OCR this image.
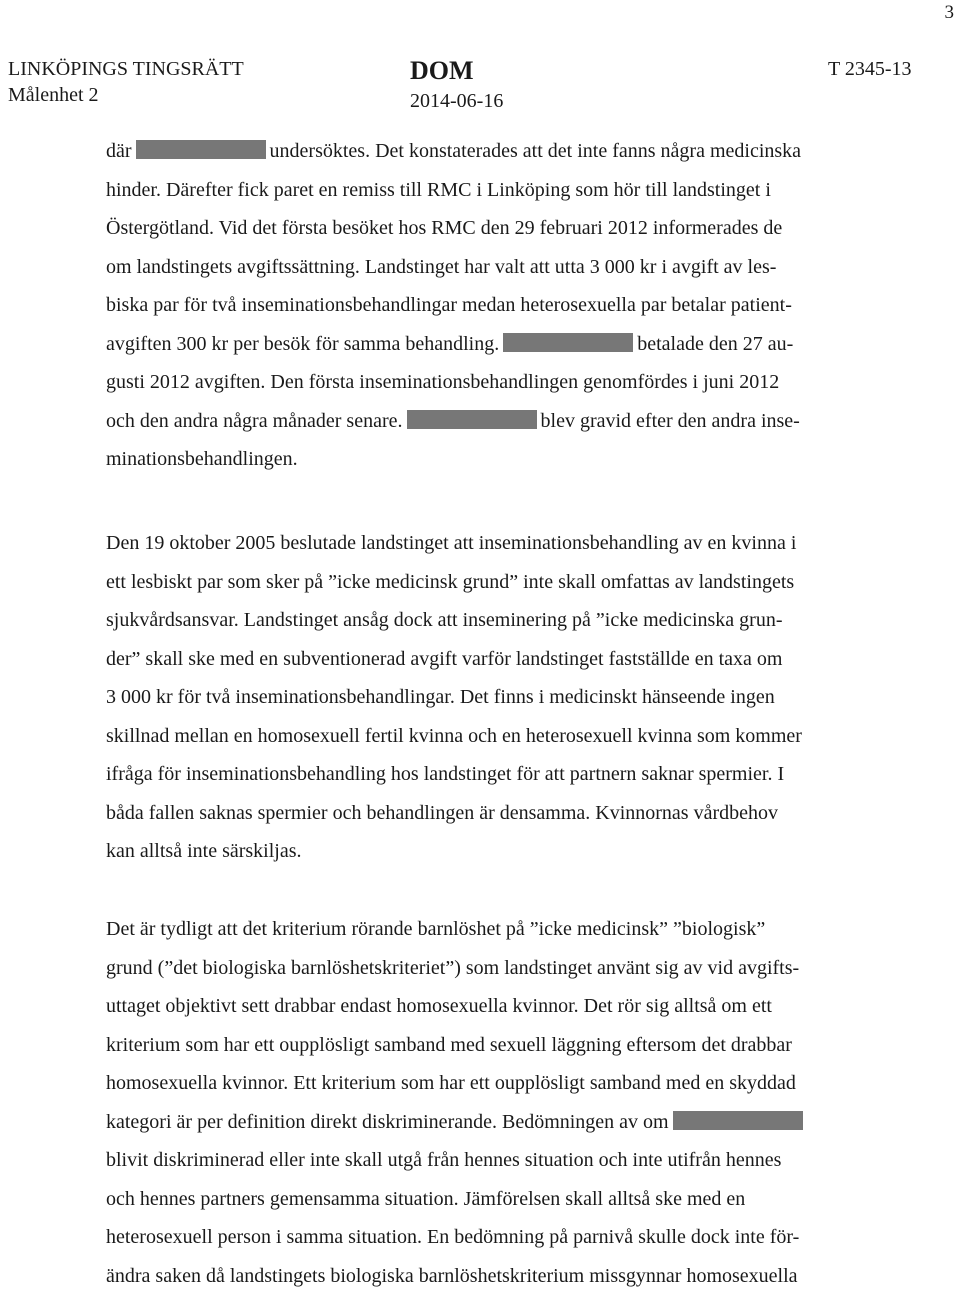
3
LINKÖPINGS TINGSRÄTT
Målenhet 2
DOM
2014-06-16
T 2345-13
där	undersöktes. Det konstaterades att det inte fanns några medicinska
hinder. Därefter fick paret en remiss till RMC i Linköping som hör till landstinget i
Östergötland. Vid det första besöket hos RMC den 29 februari 2012 informerades de
om landstingets avgiftssättning. Landstinget har valt att utta 3 000 kr i avgift av les-
biska par för två inseminationsbehandlingar medan heterosexuella par betalar patient-
avgiften 300 kr per besök för samma behandling.	betalade den 27 au-
gusti 2012 avgiften. Den första inseminationsbehandlingen genomfördes i juni 2012
och den andra några månader senare.	blev gravid efter den andra inse-
minationsbehandlingen.
Den 19 oktober 2005 beslutade landstinget att inseminationsbehandling av en kvinna i
ett lesbiskt par som sker på ”icke medicinsk grund” inte skall omfattas av landstingets
sjukvårdsansvar. Landstinget ansåg dock att inseminering på ”icke medicinska grun-
der” skall ske med en subventionerad avgift varför landstinget fastställde en taxa om
3 000 kr för två inseminationsbehandlingar. Det finns i medicinskt hänseende ingen
skillnad mellan en homosexuell fertil kvinna och en heterosexuell kvinna som kommer
ifråga för inseminationsbehandling hos landstinget för att partnern saknar spermier. I
båda fallen saknas spermier och behandlingen är densamma. Kvinnornas vårdbehov
kan alltså inte särskiljas.
Det är tydligt att det kriterium rörande barnlöshet på ”icke medicinsk” ”biologisk”
grund (”det biologiska barnlöshetskriteriet”) som landstinget använt sig av vid avgifts-
uttaget objektivt sett drabbar endast homosexuella kvinnor. Det rör sig alltså om ett
kriterium som har ett oupplösligt samband med sexuell läggning eftersom det drabbar
homosexuella kvinnor. Ett kriterium som har ett oupplösligt samband med en skyddad
kategori är per definition direkt diskriminerande. Bedömningen av om
blivit diskriminerad eller inte skall utgå från hennes situation och inte utifrån hennes
och hennes partners gemensamma situation. Jämförelsen skall alltså ske med en
heterosexuell person i samma situation. En bedömning på parnivå skulle dock inte för-
ändra saken då landstingets biologiska barnlöshetskriterium missgynnar homosexuella
